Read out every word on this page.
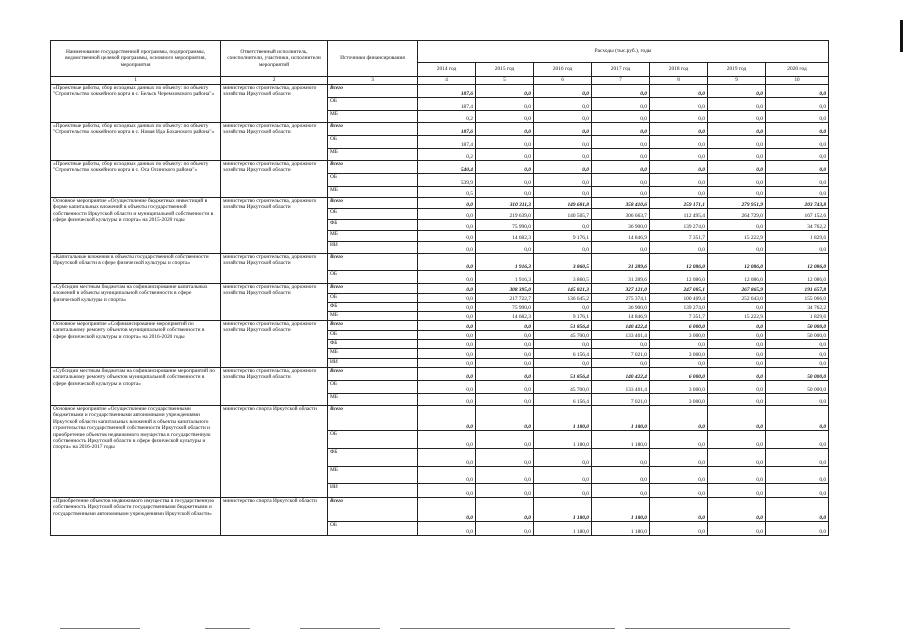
Наименование государственной программы, подпрограммы, ведомственной целевой программы, основного мероприятия, мероприятия	Ответственный исполнитель, соисполнители, участники, исполнители мероприятий	Источники финансирования	Расходы (тыс.руб.), годы						
			2014 год	2015 год	2016 год	2017 год	2018 год	2019 год	2020 год
1	2	3	4	5	6	7	8	9	10
«Проектные работы, сбор исходных данных по объекту: по объекту "Строительство хоккейного корта в с. Бельск Черемховского района"»	министерство строительства, дорожного хозяйства Иркутской области	Всего	187,6	0,0	0,0	0,0	0,0	0,0	0,0
		ОБ	187,4	0,0	0,0	0,0	0,0	0,0	0,0
		МБ	0,2	0,0	0,0	0,0	0,0	0,0	0,0
«Проектные работы, сбор исходных данных по объекту: по объекту "Строительство хоккейного корта в с. Новая Ида Боханского района"»	министерство строительства, дорожного хозяйства Иркутской области	Всего	187,6	0,0	0,0	0,0	0,0	0,0	0,0
		ОБ	187,4	0,0	0,0	0,0	0,0	0,0	0,0
		МБ	0,2	0,0	0,0	0,0	0,0	0,0	0,0
«Проектные работы, сбор исходных данных по объекту: по объекту "Строительство хоккейного корта в с. Оса Осинского района"»	министерство строительства, дорожного хозяйства Иркутской области	Всего	540,4	0,0	0,0	0,0	0,0	0,0	0,0
		ОБ	539,9	0,0	0,0	0,0	0,0	0,0	0,0
		МБ	0,5	0,0	0,0	0,0	0,0	0,0	0,0
Основное мероприятие «Осуществление бюджетных инвестиций в форме капитальных вложений в объекты государственной собственности Иркутской области и муниципальной собственности в сфере физической культуры и спорта» на 2015-2020 годы	министерство строительства, дорожного хозяйства Иркутской области	Всего	0,0	310 311,3	149 681,8	358 410,6	259 171,1	279 951,9	203 743,8
		ОБ	0,0	219 639,0	140 505,7	306 663,7	112 495,4	264 729,0	167 152,6
		ФБ	0,0	75 990,0	0,0	36 900,0	139 274,0	0,0	34 762,2
		МБ	0,0	14 682,3	9 176,1	14 846,9	7 351,7	15 222,9	1 829,6
		ИИ	0,0	0,0	0,0	0,0	0,0	0,0	0,0
«Капитальные вложения в объекты государственной собственности Иркутской области в сфере физической культуры и спорта»	министерство строительства, дорожного хозяйства Иркутской области	Всего	0,0	1 916,3	3 860,5	31 289,6	12 086,0	12 086,0	12 086,0
		ОБ	0,0	1 916,3	3 860,5	31 289,6	12 086,0	12 086,0	12 086,0
«Субсидии местным бюджетам на софинансирование капитальных вложений в объекты муниципальной собственности в сфере физической культуры и спорта»	министерство строительства, дорожного хозяйства Иркутской области	Всего	0,0	308 395,0	145 821,3	327 121,0	247 085,1	267 865,9	191 657,8
		ОБ	0,0	217 722,7	136 645,2	275 374,1	100 409,4	252 643,0	155 066,0
		ФБ	0,0	75 990,0	0,0	36 900,0	139 274,0	0,0	34 762,2
		МБ	0,0	14 682,3	9 176,1	14 846,9	7 351,7	15 222,9	1 829,6
Основное мероприятие «Софинансирование мероприятий по капитальному ремонту объектов муниципальной собственности в сфере физической культуры и спорта» на 2016-2020 годы	министерство строительства, дорожного хозяйства Иркутской области	Всего	0,0	0,0	51 856,4	140 422,4	6 000,0	0,0	50 000,0
		ОБ	0,0	0,0	45 700,0	133 401,4	3 000,0	0,0	50 000,0
		ФБ	0,0	0,0	0,0	0,0	0,0	0,0	0,0
		МБ	0,0	0,0	6 156,4	7 021,0	3 000,0	0,0	0,0
		ИИ	0,0	0,0	0,0	0,0	0,0	0,0	0,0
«Субсидии местным бюджетам на софинансирование мероприятий по капитальному ремонту объектов муниципальной собственности в сфере физической культуры и спорта»	министерство строительства, дорожного хозяйства Иркутской области	Всего	0,0	0,0	51 856,4	140 422,4	6 000,0	0,0	50 000,0
		ОБ	0,0	0,0	45 700,0	133 401,4	3 000,0	0,0	50 000,0
		МБ	0,0	0,0	6 156,4	7 021,0	3 000,0	0,0	0,0
Основное мероприятие «Осуществление государственными бюджетными и государственными автономными учреждениями Иркутской области капитальных вложений в объекты капитального строительства государственной собственности Иркутской области и приобретение объектов недвижимого имущества в государственную собственность Иркутской области в сфере физической культуры и спорта» на 2016-2017 годы	министерство спорта Иркутской области	Всего	0,0	0,0	1 180,0	1 180,0	0,0	0,0	0,0
		ОБ	0,0	0,0	1 180,0	1 180,0	0,0	0,0	0,0
		ФБ	0,0	0,0	0,0	0,0	0,0	0,0	0,0
		МБ	0,0	0,0	0,0	0,0	0,0	0,0	0,0
		ИИ	0,0	0,0	0,0	0,0	0,0	0,0	0,0
«Приобретение объектов недвижимого имущества в государственную собственность Иркутской области государственными бюджетными и государственными автономными учреждениями Иркутской области»	министерство спорта Иркутской области	Всего	0,0	0,0	1 180,0	1 180,0	0,0	0,0	0,0
		ОБ	0,0	0,0	1 180,0	1 180,0	0,0	0,0	0,0
